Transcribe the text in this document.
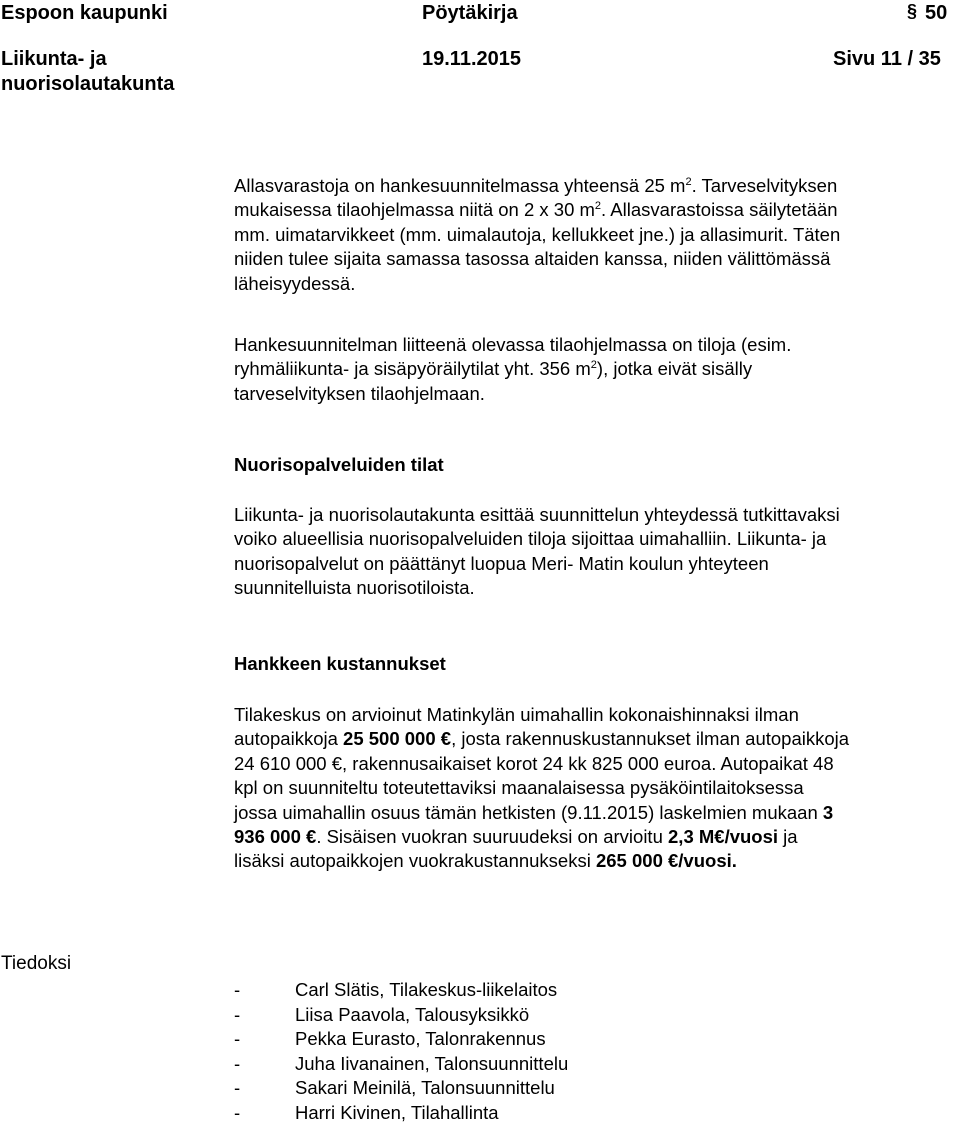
Espoon kaupunki	Pöytäkirja	§ 50
Liikunta- ja
nuorisolautakunta
19.11.2015	Sivu 11 / 35

Allasvarastoja on hankesuunnitelmassa yhteensä 25 $m^2$. Tarveselvityksen

mukaisessa tilaohjelmassa niitä on 2 x 30 $m^2$. Allasvarastoissa säilytetään

mm. uimatarvikkeet (mm. uimalautoja, kellukkeet jne.) ja allasimurit. Täten

niiden tulee sijaita samassa tasossa altaiden kanssa, niiden välittömässä

läheisyydessä.

Hankesuunnitelman liitteenä olevassa tilaohjelmassa on tiloja (esim.

ryhmäliikunta- ja sisäpyöräilytilat yht. 356 $m^2$), jotka eivät sisälly

tarveselvityksen tilaohjelmaan.

Nuorisopalveluiden tilat

Liikunta- ja nuorisolautakunta esittää suunnittelun yhteydessä tutkittavaksi

voiko alueellisia nuorisopalveluiden tiloja sijoittaa uimahalliin. Liikunta- ja

nuorisopalvelut on päättänyt luopua Meri- Matin koulun yhteyteen

suunnitelluista nuorisotiloista.

Hankkeen kustannukset

Tilakeskus on arvioinut Matinkylän uimahallin kokonaishinnaksi ilman

autopaikkoja 25 500 000 €, josta rakennuskustannukset ilman autopaikkoja

24 610 000 €, rakennusaikaiset korot 24 kk 825 000 euroa. Autopaikat 48

kpl on suunniteltu toteutettaviksi maanalaisessa pysäköintilaitoksessa

jossa uimahallin osuus tämän hetkisten (9.11.2015) laskelmien mukaan 3

936 000 €. Sisäisen vuokran suuruudeksi on arvioitu 2,3 M€/vuosi ja

lisäksi autopaikkojen vuokrakustannukseksi 265 000 €/vuosi.

Tiedoksi
-	Carl Slätis, Tilakeskus-liikelaitos
-	Liisa Paavola, Talousyksikkö
-	Pekka Eurasto, Talonrakennus
-	Juha Iivanainen, Talonsuunnittelu
-	Sakari Meinilä, Talonsuunnittelu
-	Harri Kivinen, Tilahallinta
